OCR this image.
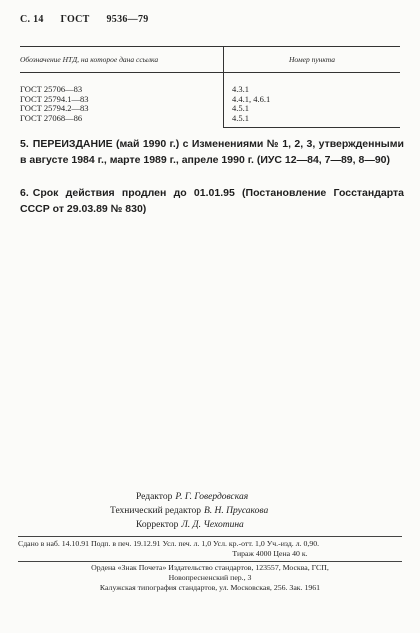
С. 14 ГОСТ 9536—79
Обозначение НТД, на которое дана ссылка	Номер пункта
ГОСТ 25706—83	4.3.1
ГОСТ 25794.1—83	4.4.1, 4.6.1
ГОСТ 25794.2—83	4.5.1
ГОСТ 27068—86	4.5.1
5. ПЕРЕИЗДАНИЕ (май 1990 г.) с Изменениями № 1, 2, 3, утвержденными в августе 1984 г., марте 1989 г., апреле 1990 г. (ИУС 12—84, 7—89, 8—90)
6. Срок действия продлен до 01.01.95 (Постановление Госстандарта СССР от 29.03.89 № 830)
Редактор Р. Г. Говердовская
Технический редактор В. Н. Прусакова
Корректор Л. Д. Чехотина
Сдано в наб. 14.10.91 Подп. в печ. 19.12.91 Усл. печ. л. 1,0 Усл. кр.-отт. 1,0 Уч.-изд. л. 0,90.
Тираж 4000 Цена 40 к.
Ордена «Знак Почета» Издательство стандартов, 123557, Москва, ГСП,
Новопресненский пер., 3
Калужская типография стандартов, ул. Московская, 256. Зак. 1961
